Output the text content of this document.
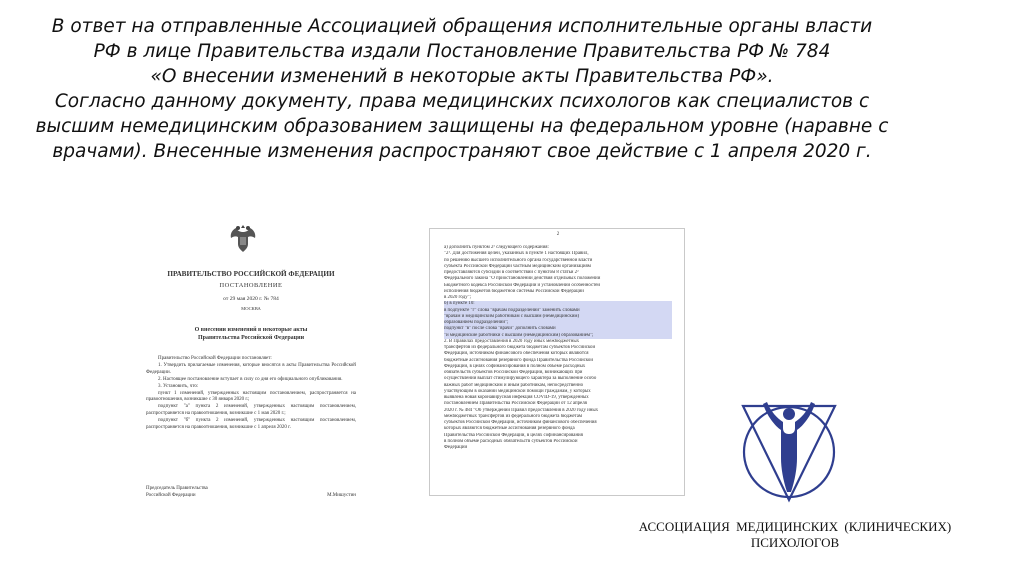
В ответ на отправленные Ассоциацией обращения исполнительные органы власти
РФ в лице Правительства издали Постановление Правительства РФ № 784
«О внесении изменений в некоторые акты Правительства РФ».
Согласно данному документу, права медицинских психологов как специалистов с
высшим немедицинским образованием защищены на федеральном уровне (наравне с
врачами). Внесенные изменения распространяют свое действие с 1 апреля 2020 г.
ПРАВИТЕЛЬСТВО РОССИЙСКОЙ ФЕДЕРАЦИИ
ПОСТАНОВЛЕНИЕ
от 29 мая 2020 г. № 784
МОСКВА
О внесении изменений в некоторые акты
Правительства Российской Федерации

Правительство Российской Федерации постановляет:

1. Утвердить прилагаемые изменения, которые вносятся в акты Правительства Российской Федерации.

2. Настоящее постановление вступает в силу со дня его официального опубликования.

3. Установить, что:

пункт 1 изменений, утвержденных настоящим постановлением, распространяется на правоотношения, возникшие с 30 января 2020 г.;

подпункт "а" пункта 2 изменений, утвержденных настоящим постановлением, распространяется на правоотношения, возникшие с 1 мая 2020 г.;

подпункт "б" пункта 2 изменений, утвержденных настоящим постановлением, распространяется на правоотношения, возникшие с 1 апреля 2020 г.

Председатель Правительства
Российской Федерации	М.Мишустин
2
а) дополнить пунктом 2¹ следующего содержания:
"2¹. Для достижения целей, указанных в пункте 1 настоящих Правил,
по решению высшего исполнительного органа государственной власти
субъекта Российской Федерации частным медицинским организациям
предоставляются субсидии в соответствии с пунктом 8 статьи 2²
Федерального закона "О приостановлении действия отдельных положений
Бюджетного кодекса Российской Федерации и установлении особенностей
исполнения бюджетов бюджетной системы Российской Федерации
в 2020 году";
б) в пункте 10:
в подпункте "г" слова "врачам подразделений" заменить словами
"врачам и медицинским работникам с высшим (немедицинским)
образованием подразделений";
подпункт "в" после слова "врачи" дополнить словами
"и медицинские работники с высшим (немедицинским) образованием";
2. В Правилах предоставления в 2020 году иных межбюджетных
трансфертов из федерального бюджета бюджетам субъектов Российской
Федерации, источником финансового обеспечения которых являются
бюджетные ассигнования резервного фонда Правительства Российской
Федерации, в целях софинансирования в полном объеме расходных
обязательств субъектов Российской Федерации, возникающих при
осуществлении выплат стимулирующего характера за выполнение особо
важных работ медицинским и иным работникам, непосредственно
участвующим в оказании медицинской помощи гражданам, у которых
выявлена новая коронавирусная инфекция COVID-19, утвержденных
постановлением Правительства Российской Федерации от 12 апреля
2020 г. № 484 "Об утверждении Правил предоставления в 2020 году иных
межбюджетных трансфертов из федерального бюджета бюджетам
субъектов Российской Федерации, источником финансового обеспечения
которых являются бюджетные ассигнования резервного фонда
Правительства Российской Федерации, в целях софинансирования
в полном объеме расходных обязательств субъектов Российской
Федерации
АССОЦИАЦИЯ МЕДИЦИНСКИХ (КЛИНИЧЕСКИХ)
ПСИХОЛОГОВ
